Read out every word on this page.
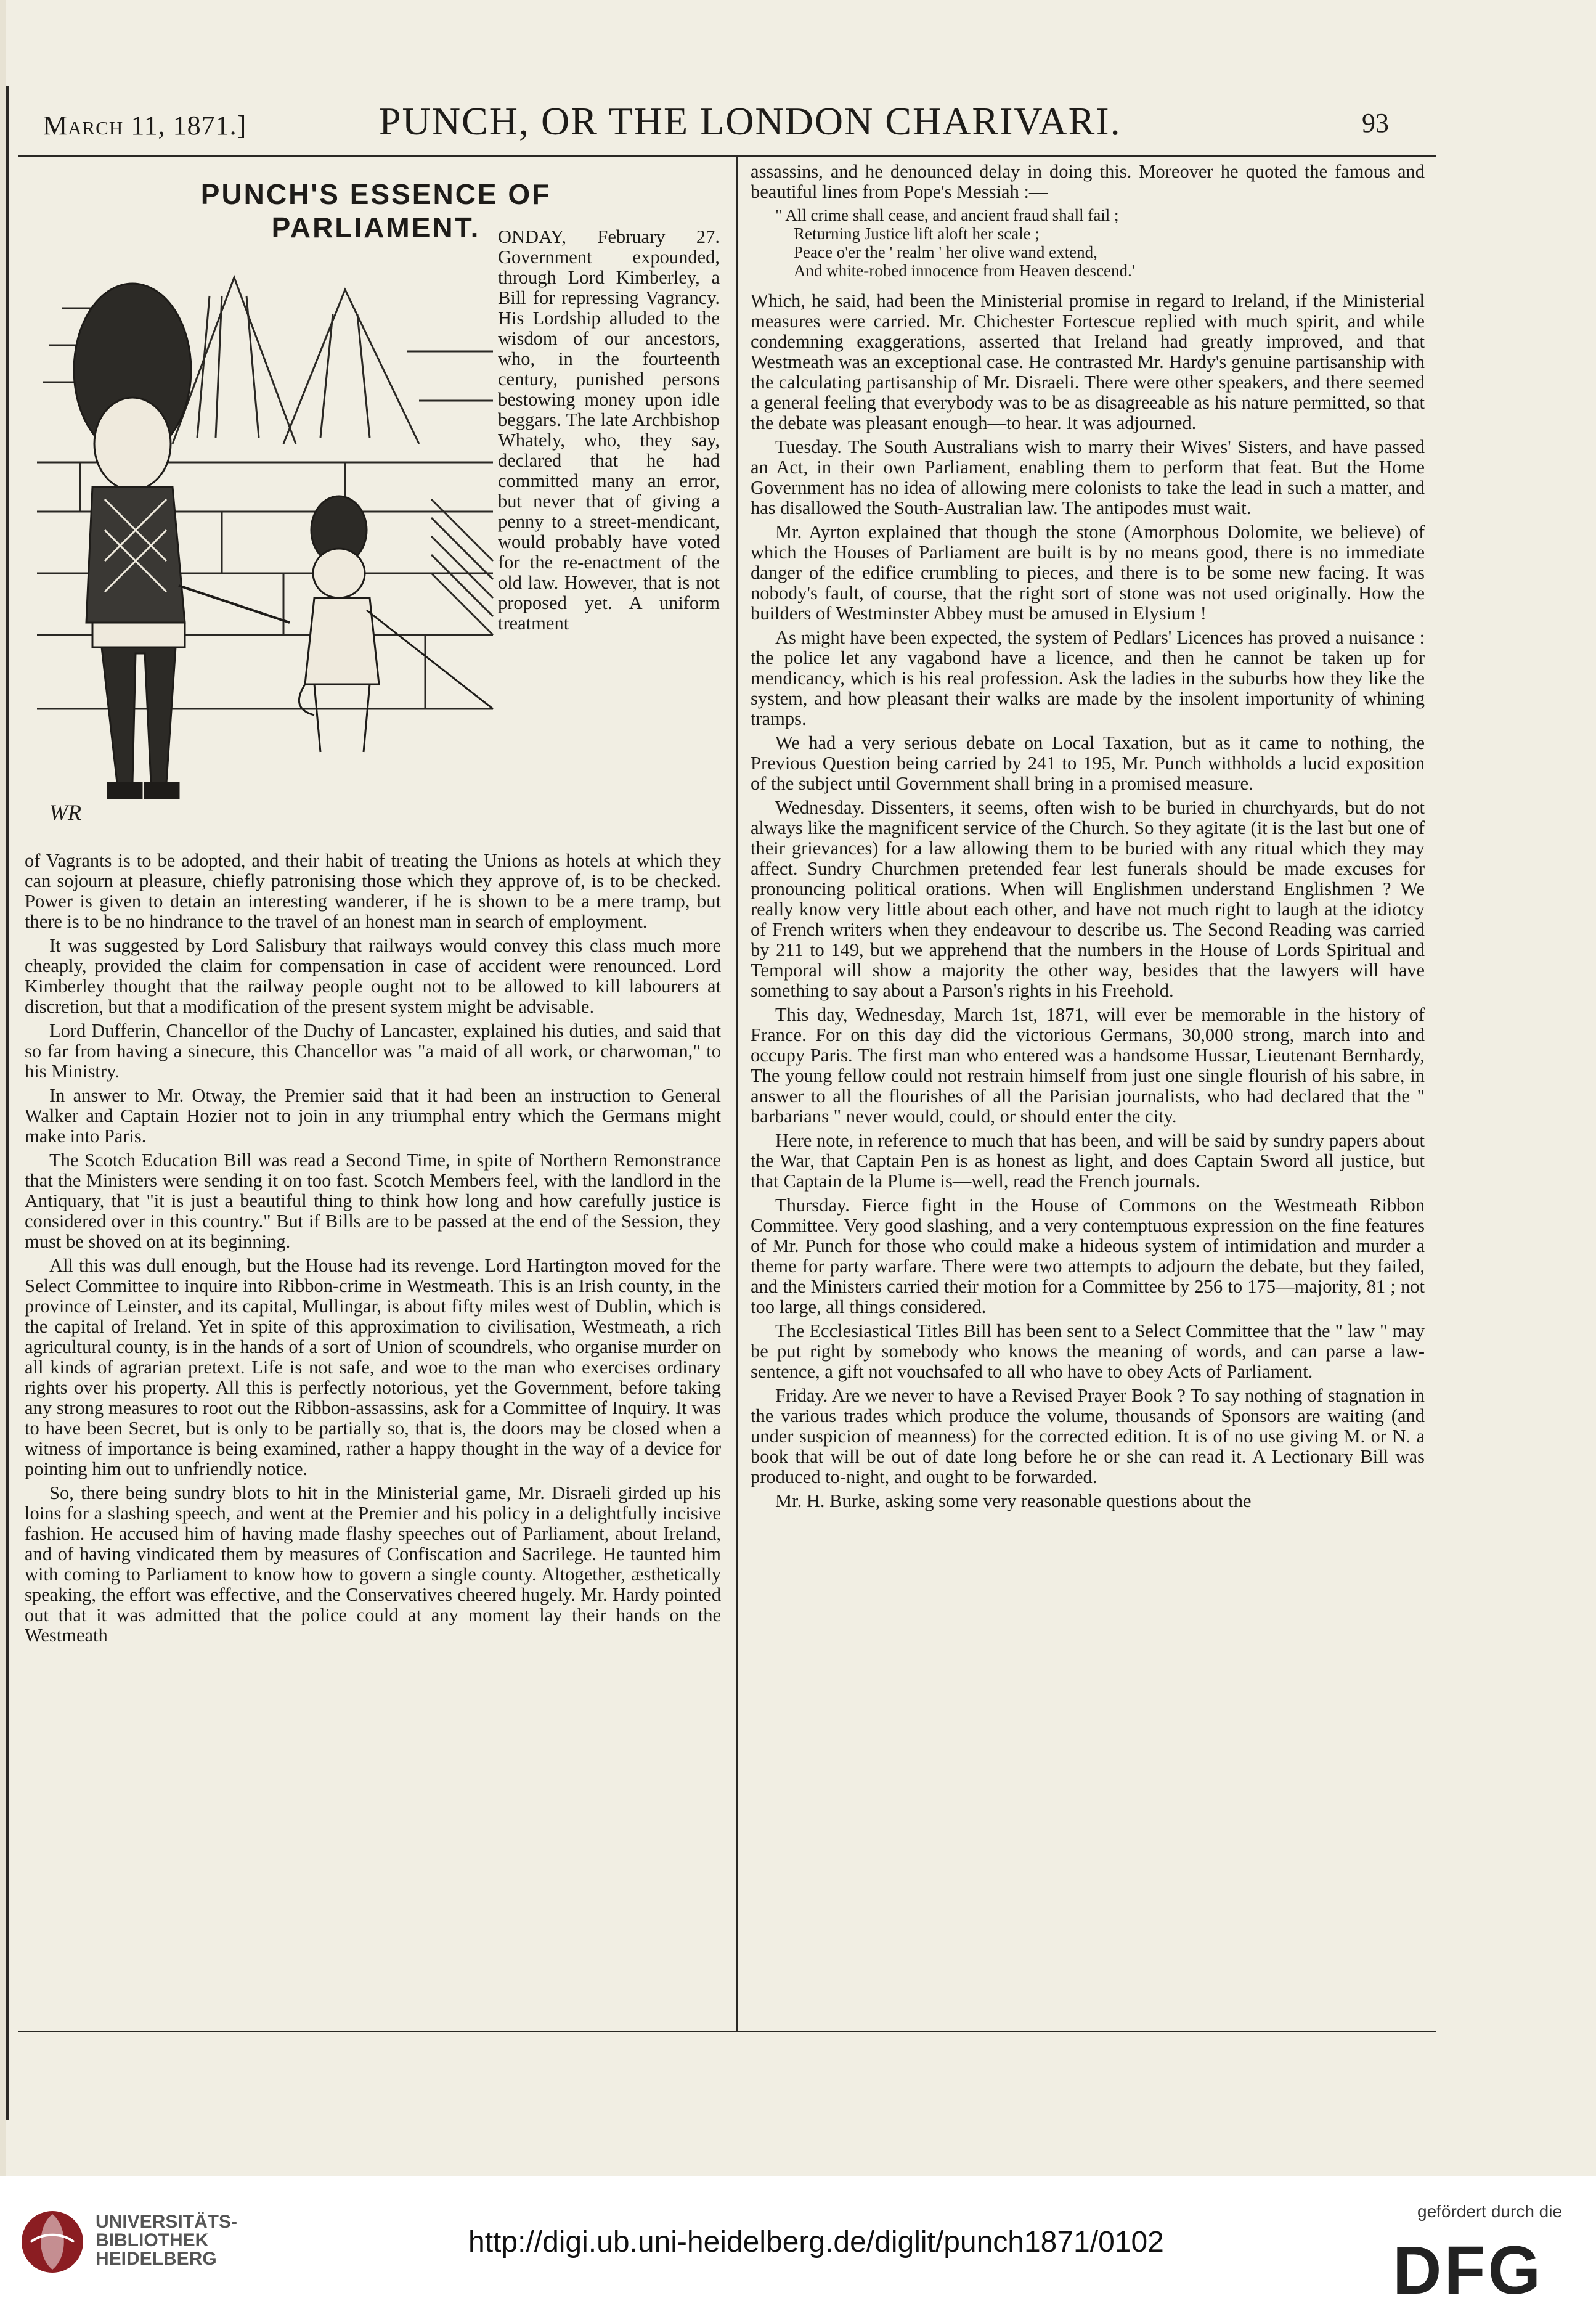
March 11, 1871.]	PUNCH, OR THE LONDON CHARIVARI.	93
PUNCH'S ESSENCE OF PARLIAMENT.
WR

ONDAY, February 27. Government expounded, through Lord Kimberley, a Bill for repressing Vagrancy. His Lordship alluded to the wisdom of our ancestors, who, in the fourteenth century, punished persons bestowing money upon idle beggars. The late Archbishop Whately, who, they say, declared that he had committed many an error, but never that of giving a penny to a street-mendicant, would probably have voted for the re-enactment of the old law. However, that is not proposed yet. A uniform treatment

of Vagrants is to be adopted, and their habit of treating the Unions as hotels at which they can sojourn at pleasure, chiefly patronising those which they approve of, is to be checked. Power is given to detain an interesting wanderer, if he is shown to be a mere tramp, but there is to be no hindrance to the travel of an honest man in search of employment.

It was suggested by Lord Salisbury that railways would convey this class much more cheaply, provided the claim for compensation in case of accident were renounced. Lord Kimberley thought that the railway people ought not to be allowed to kill labourers at discretion, but that a modification of the present system might be advisable.

Lord Dufferin, Chancellor of the Duchy of Lancaster, explained his duties, and said that so far from having a sinecure, this Chancellor was "a maid of all work, or charwoman," to his Ministry.

In answer to Mr. Otway, the Premier said that it had been an instruction to General Walker and Captain Hozier not to join in any triumphal entry which the Germans might make into Paris.

The Scotch Education Bill was read a Second Time, in spite of Northern Remonstrance that the Ministers were sending it on too fast. Scotch Members feel, with the landlord in the Antiquary, that "it is just a beautiful thing to think how long and how carefully justice is considered over in this country." But if Bills are to be passed at the end of the Session, they must be shoved on at its beginning.

All this was dull enough, but the House had its revenge. Lord Hartington moved for the Select Committee to inquire into Ribbon-crime in Westmeath. This is an Irish county, in the province of Leinster, and its capital, Mullingar, is about fifty miles west of Dublin, which is the capital of Ireland. Yet in spite of this approximation to civilisation, Westmeath, a rich agricultural county, is in the hands of a sort of Union of scoundrels, who organise murder on all kinds of agrarian pretext. Life is not safe, and woe to the man who exercises ordinary rights over his property. All this is perfectly notorious, yet the Government, before taking any strong measures to root out the Ribbon-assassins, ask for a Committee of Inquiry. It was to have been Secret, but is only to be partially so, that is, the doors may be closed when a witness of importance is being examined, rather a happy thought in the way of a device for pointing him out to unfriendly notice.

So, there being sundry blots to hit in the Ministerial game, Mr. Disraeli girded up his loins for a slashing speech, and went at the Premier and his policy in a delightfully incisive fashion. He accused him of having made flashy speeches out of Parliament, about Ireland, and of having vindicated them by measures of Confiscation and Sacrilege. He taunted him with coming to Parliament to know how to govern a single county. Altogether, æsthetically speaking, the effort was effective, and the Conservatives cheered hugely. Mr. Hardy pointed out that it was admitted that the police could at any moment lay their hands on the Westmeath

assassins, and he denounced delay in doing this. Moreover he quoted the famous and beautiful lines from Pope's Messiah :—

" All crime shall cease, and ancient fraud shall fail ;
Returning Justice lift aloft her scale ;
Peace o'er the ' realm ' her olive wand extend,
And white-robed innocence from Heaven descend.'

Which, he said, had been the Ministerial promise in regard to Ireland, if the Ministerial measures were carried. Mr. Chichester Fortescue replied with much spirit, and while condemning exaggerations, asserted that Ireland had greatly improved, and that Westmeath was an exceptional case. He contrasted Mr. Hardy's genuine partisanship with the calculating partisanship of Mr. Disraeli. There were other speakers, and there seemed a general feeling that everybody was to be as disagreeable as his nature permitted, so that the debate was pleasant enough—to hear. It was adjourned.

Tuesday. The South Australians wish to marry their Wives' Sisters, and have passed an Act, in their own Parliament, enabling them to perform that feat. But the Home Government has no idea of allowing mere colonists to take the lead in such a matter, and has disallowed the South-Australian law. The antipodes must wait.

Mr. Ayrton explained that though the stone (Amorphous Dolomite, we believe) of which the Houses of Parliament are built is by no means good, there is no immediate danger of the edifice crumbling to pieces, and there is to be some new facing. It was nobody's fault, of course, that the right sort of stone was not used originally. How the builders of Westminster Abbey must be amused in Elysium !

As might have been expected, the system of Pedlars' Licences has proved a nuisance : the police let any vagabond have a licence, and then he cannot be taken up for mendicancy, which is his real profession. Ask the ladies in the suburbs how they like the system, and how pleasant their walks are made by the insolent importunity of whining tramps.

We had a very serious debate on Local Taxation, but as it came to nothing, the Previous Question being carried by 241 to 195, Mr. Punch withholds a lucid exposition of the subject until Government shall bring in a promised measure.

Wednesday. Dissenters, it seems, often wish to be buried in churchyards, but do not always like the magnificent service of the Church. So they agitate (it is the last but one of their grievances) for a law allowing them to be buried with any ritual which they may affect. Sundry Churchmen pretended fear lest funerals should be made excuses for pronouncing political orations. When will Englishmen understand Englishmen ? We really know very little about each other, and have not much right to laugh at the idiotcy of French writers when they endeavour to describe us. The Second Reading was carried by 211 to 149, but we apprehend that the numbers in the House of Lords Spiritual and Temporal will show a majority the other way, besides that the lawyers will have something to say about a Parson's rights in his Freehold.

This day, Wednesday, March 1st, 1871, will ever be memorable in the history of France. For on this day did the victorious Germans, 30,000 strong, march into and occupy Paris. The first man who entered was a handsome Hussar, Lieutenant Bernhardy, The young fellow could not restrain himself from just one single flourish of his sabre, in answer to all the flourishes of all the Parisian journalists, who had declared that the " barbarians " never would, could, or should enter the city.

Here note, in reference to much that has been, and will be said by sundry papers about the War, that Captain Pen is as honest as light, and does Captain Sword all justice, but that Captain de la Plume is—well, read the French journals.

Thursday. Fierce fight in the House of Commons on the Westmeath Ribbon Committee. Very good slashing, and a very contemptuous expression on the fine features of Mr. Punch for those who could make a hideous system of intimidation and murder a theme for party warfare. There were two attempts to adjourn the debate, but they failed, and the Ministers carried their motion for a Committee by 256 to 175—majority, 81 ; not too large, all things considered.

The Ecclesiastical Titles Bill has been sent to a Select Committee that the " law " may be put right by somebody who knows the meaning of words, and can parse a law-sentence, a gift not vouchsafed to all who have to obey Acts of Parliament.

Friday. Are we never to have a Revised Prayer Book ? To say nothing of stagnation in the various trades which produce the volume, thousands of Sponsors are waiting (and under suspicion of meanness) for the corrected edition. It is of no use giving M. or N. a book that will be out of date long before he or she can read it. A Lectionary Bill was produced to-night, and ought to be forwarded.

Mr. H. Burke, asking some very reasonable questions about the

UNIVERSITÄTS-
BIBLIOTHEK
HEIDELBERG
http://digi.ub.uni-heidelberg.de/diglit/punch1871/0102
gefördert durch die
DFG
